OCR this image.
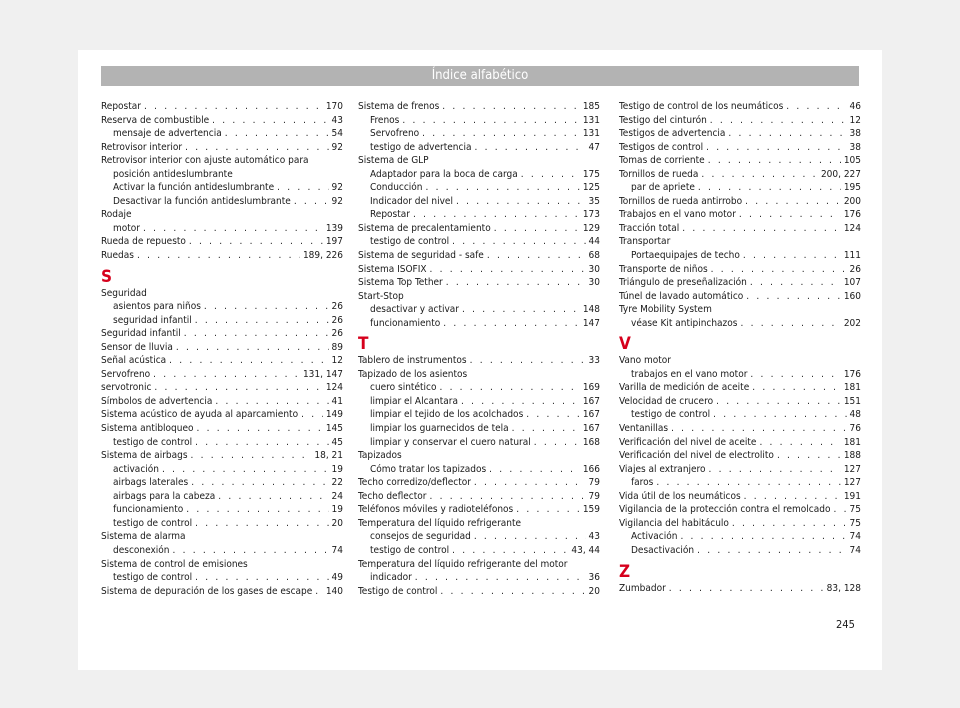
Índice alfabético
Repostar . . .	170
Reserva de combustible . . .	43
mensaje de advertencia . . .	54
Retrovisor interior . . .	92
Retrovisor interior con ajuste automático para
posición antideslumbrante
Activar la función antideslumbrante . . .	92
Desactivar la función antideslumbrante . . .	92
Rodaje
motor . . .	139
Rueda de repuesto . . .	197
Ruedas . . .	189, 226
S
Seguridad
asientos para niños . . .	26
seguridad infantil . . .	26
Seguridad infantil . . .	26
Sensor de lluvia . . .	89
Señal acústica . . .	12
Servofreno . . .	131, 147
servotronic . . .	124
Símbolos de advertencia . . .	41
Sistema acústico de ayuda al aparcamiento . . .	149
Sistema antibloqueo . . .	145
testigo de control . . .	45
Sistema de airbags . . .	18, 21
activación . . .	19
airbags laterales . . .	22
airbags para la cabeza . . .	24
funcionamiento . . .	19
testigo de control . . .	20
Sistema de alarma
desconexión . . .	74
Sistema de control de emisiones
testigo de control . . .	49
Sistema de depuración de los gases de escape . . . 140
Sistema de frenos . . .	185
Frenos . . .	131
Servofreno . . .	131
testigo de advertencia . . .	47
Sistema de GLP
Adaptador para la boca de carga . . .	175
Conducción . . .	125
Indicador del nivel . . .	35
Repostar . . .	173
Sistema de precalentamiento . . .	129
testigo de control . . .	44
Sistema de seguridad - safe . . .	68
Sistema ISOFIX . . .	30
Sistema Top Tether . . .	30
Start-Stop
desactivar y activar . . .	148
funcionamiento . . .	147
T
Tablero de instrumentos . . .	33
Tapizado de los asientos
cuero sintético . . .	169
limpiar el Alcantara . . .	167
limpiar el tejido de los acolchados . . .	167
limpiar los guarnecidos de tela . . .	167
limpiar y conservar el cuero natural . . .	168
Tapizados
Cómo tratar los tapizados . . .	166
Techo corredizo/deflector . . .	79
Techo deflector . . .	79
Teléfonos móviles y radioteléfonos . . .	159
Temperatura del líquido refrigerante
consejos de seguridad . . .	43
testigo de control . . .	43, 44
Temperatura del líquido refrigerante del motor
indicador . . .	36
Testigo de control . . .	20
Testigo de control de los neumáticos . . .	46
Testigo del cinturón . . .	12
Testigos de advertencia . . .	38
Testigos de control . . .	38
Tomas de corriente . . .	105
Tornillos de rueda . . .	200, 227
par de apriete . . .	195
Tornillos de rueda antirrobo . . .	200
Trabajos en el vano motor . . .	176
Tracción total . . .	124
Transportar
Portaequipajes de techo . . .	111
Transporte de niños . . .	26
Triángulo de preseñalización . . .	107
Túnel de lavado automático . . .	160
Tyre Mobility System
véase Kit antipinchazos . . .	202
V
Vano motor
trabajos en el vano motor . . .	176
Varilla de medición de aceite . . .	181
Velocidad de crucero . . .	151
testigo de control . . .	48
Ventanillas . . .	76
Verificación del nivel de aceite . . .	181
Verificación del nivel de electrolito . . .	188
Viajes al extranjero . . .	127
faros . . .	127
Vida útil de los neumáticos . . .	191
Vigilancia de la protección contra el remolcado . . . 75
Vigilancia del habitáculo . . .	75
Activación . . .	74
Desactivación . . .	74
Z
Zumbador . . .	83, 128
245
